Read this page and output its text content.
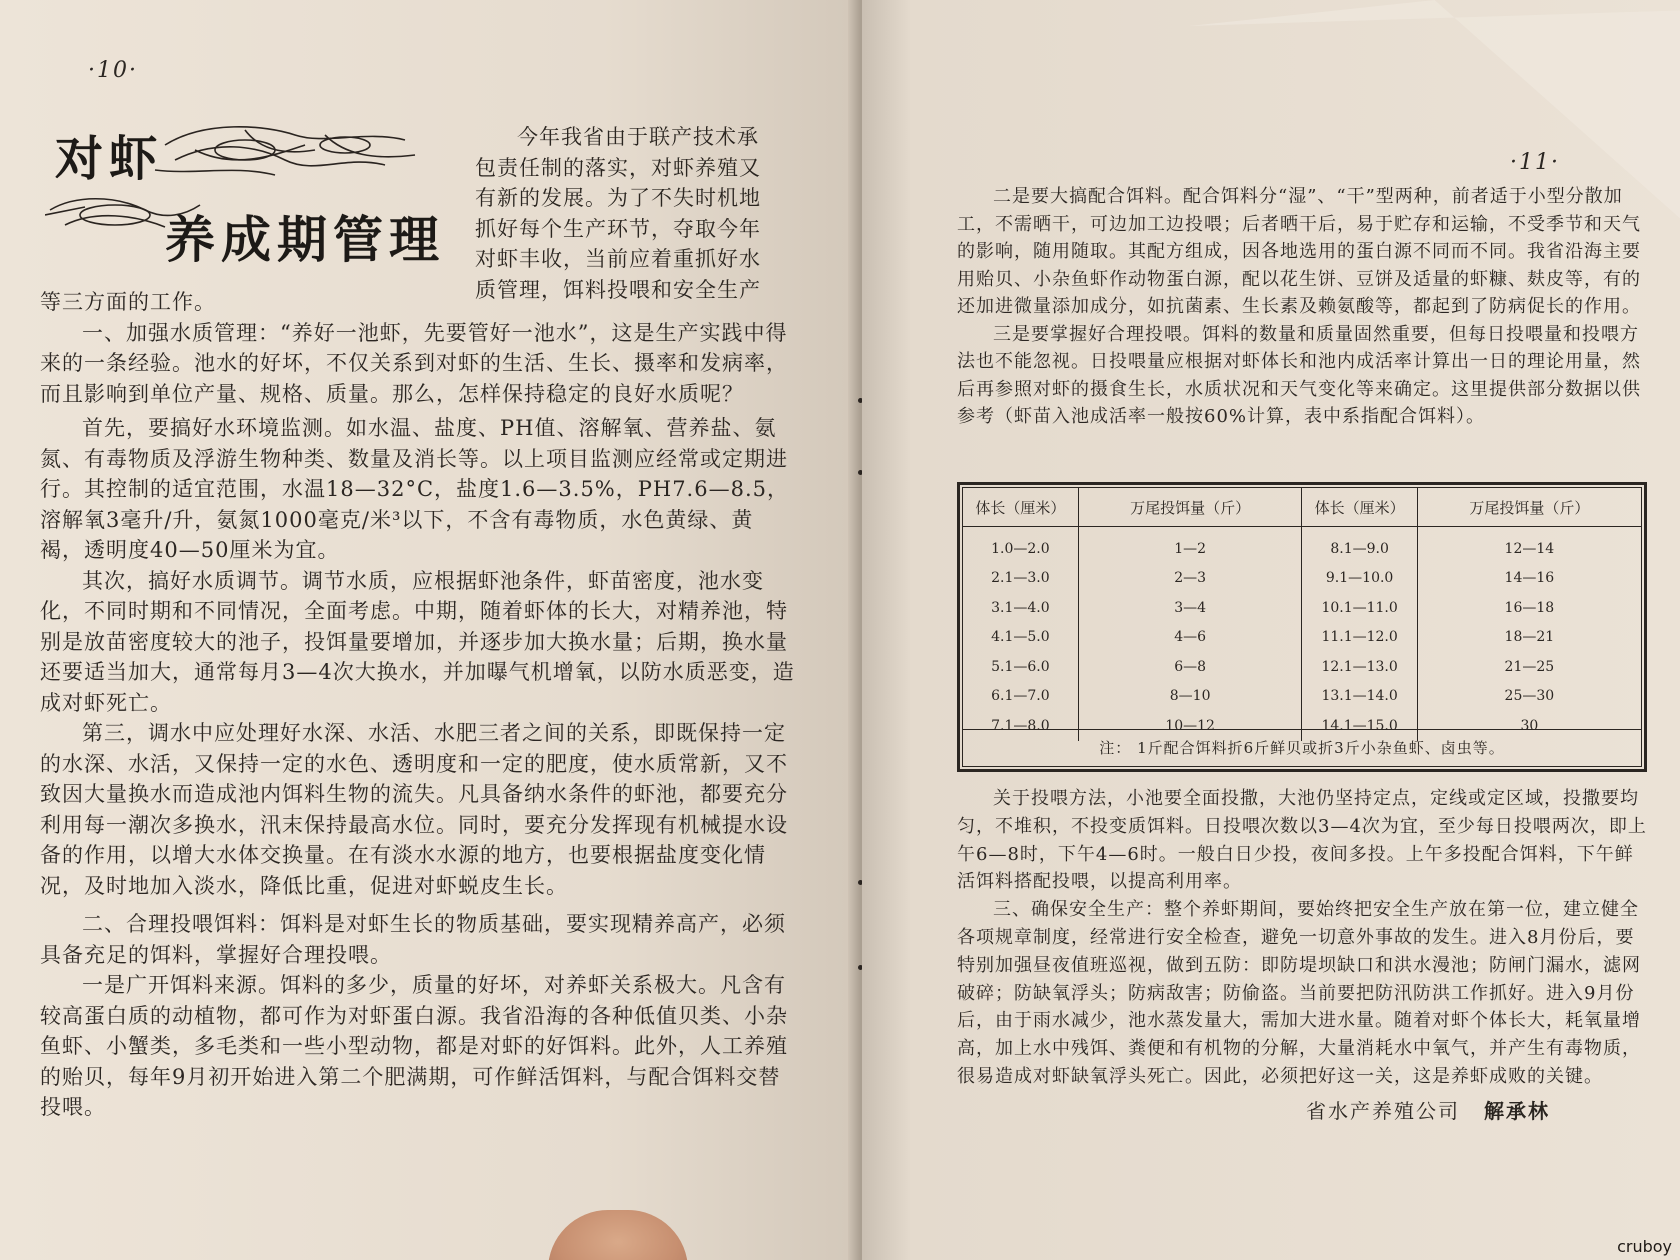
·10·
对虾
养成期管理

今年我省由于联产技术承

包责任制的落实，对虾养殖又

有新的发展。为了不失时机地

抓好每个生产环节，夺取今年

对虾丰收，当前应着重抓好水

质管理，饵料投喂和安全生产

等三方面的工作。

一、加强水质管理：“养好一池虾，先要管好一池水”，这是生产实践中得来的一条经验。池水的好坏，不仅关系到对虾的生活、生长、摄率和发病率，而且影响到单位产量、规格、质量。那么，怎样保持稳定的良好水质呢？

首先，要搞好水环境监测。如水温、盐度、PH值、溶解氧、营养盐、氨氮、有毒物质及浮游生物种类、数量及消长等。以上项目监测应经常或定期进行。其控制的适宜范围，水温18—32°C，盐度1.6—3.5%，PH7.6—8.5，溶解氧3毫升/升，氨氮1000毫克/米³以下，不含有毒物质，水色黄绿、黄褐，透明度40—50厘米为宜。

其次，搞好水质调节。调节水质，应根据虾池条件，虾苗密度，池水变化，不同时期和不同情况，全面考虑。中期，随着虾体的长大，对精养池，特别是放苗密度较大的池子，投饵量要增加，并逐步加大换水量；后期，换水量还要适当加大，通常每月3—4次大换水，并加曝气机增氧，以防水质恶变，造成对虾死亡。

第三，调水中应处理好水深、水活、水肥三者之间的关系，即既保持一定的水深、水活，又保持一定的水色、透明度和一定的肥度，使水质常新，又不致因大量换水而造成池内饵料生物的流失。凡具备纳水条件的虾池，都要充分利用每一潮次多换水，汛末保持最高水位。同时，要充分发挥现有机械提水设备的作用，以增大水体交换量。在有淡水水源的地方，也要根据盐度变化情况，及时地加入淡水，降低比重，促进对虾蜕皮生长。

二、合理投喂饵料：饵料是对虾生长的物质基础，要实现精养高产，必须具备充足的饵料，掌握好合理投喂。

一是广开饵料来源。饵料的多少，质量的好坏，对养虾关系极大。凡含有较高蛋白质的动植物，都可作为对虾蛋白源。我省沿海的各种低值贝类、小杂鱼虾、小蟹类，多毛类和一些小型动物，都是对虾的好饵料。此外，人工养殖的贻贝，每年9月初开始进入第二个肥满期，可作鲜活饵料，与配合饵料交替投喂。

·11·

二是要大搞配合饵料。配合饵料分“湿”、“干”型两种，前者适于小型分散加工，不需晒干，可边加工边投喂；后者晒干后，易于贮存和运输，不受季节和天气的影响，随用随取。其配方组成，因各地选用的蛋白源不同而不同。我省沿海主要用贻贝、小杂鱼虾作动物蛋白源，配以花生饼、豆饼及适量的虾糠、麸皮等，有的还加进微量添加成分，如抗菌素、生长素及赖氨酸等，都起到了防病促长的作用。

三是要掌握好合理投喂。饵料的数量和质量固然重要，但每日投喂量和投喂方法也不能忽视。日投喂量应根据对虾体长和池内成活率计算出一日的理论用量，然后再参照对虾的摄食生长，水质状况和天气变化等来确定。这里提供部分数据以供参考（虾苗入池成活率一般按60%计算，表中系指配合饵料）。

体长（厘米）	万尾投饵量（斤）	体长（厘米）	万尾投饵量（斤）
1.0—2.0	1—2	8.1—9.0	12—14
2.1—3.0	2—3	9.1—10.0	14—16
3.1—4.0	3—4	10.1—11.0	16—18
4.1—5.0	4—6	11.1—12.0	18—21
5.1—6.0	6—8	12.1—13.0	21—25
6.1—7.0	8—10	13.1—14.0	25—30
7.1—8.0	10—12	14.1—15.0	30
注： 1斤配合饵料折6斤鲜贝或折3斤小杂鱼虾、卤虫等。

关于投喂方法，小池要全面投撒，大池仍坚持定点，定线或定区域，投撒要均匀，不堆积，不投变质饵料。日投喂次数以3—4次为宜，至少每日投喂两次，即上午6—8时，下午4—6时。一般白日少投，夜间多投。上午多投配合饵料，下午鲜活饵料搭配投喂，以提高利用率。

三、确保安全生产：整个养虾期间，要始终把安全生产放在第一位，建立健全各项规章制度，经常进行安全检查，避免一切意外事故的发生。进入8月份后，要特别加强昼夜值班巡视，做到五防：即防堤坝缺口和洪水漫池；防闸门漏水，滤网破碎；防缺氧浮头；防病敌害；防偷盗。当前要把防汛防洪工作抓好。进入9月份后，由于雨水减少，池水蒸发量大，需加大进水量。随着对虾个体长大，耗氧量增高，加上水中残饵、粪便和有机物的分解，大量消耗水中氧气，并产生有毒物质，很易造成对虾缺氧浮头死亡。因此，必须把好这一关，这是养虾成败的关键。

省水产养殖公司 解承林
cruboy
